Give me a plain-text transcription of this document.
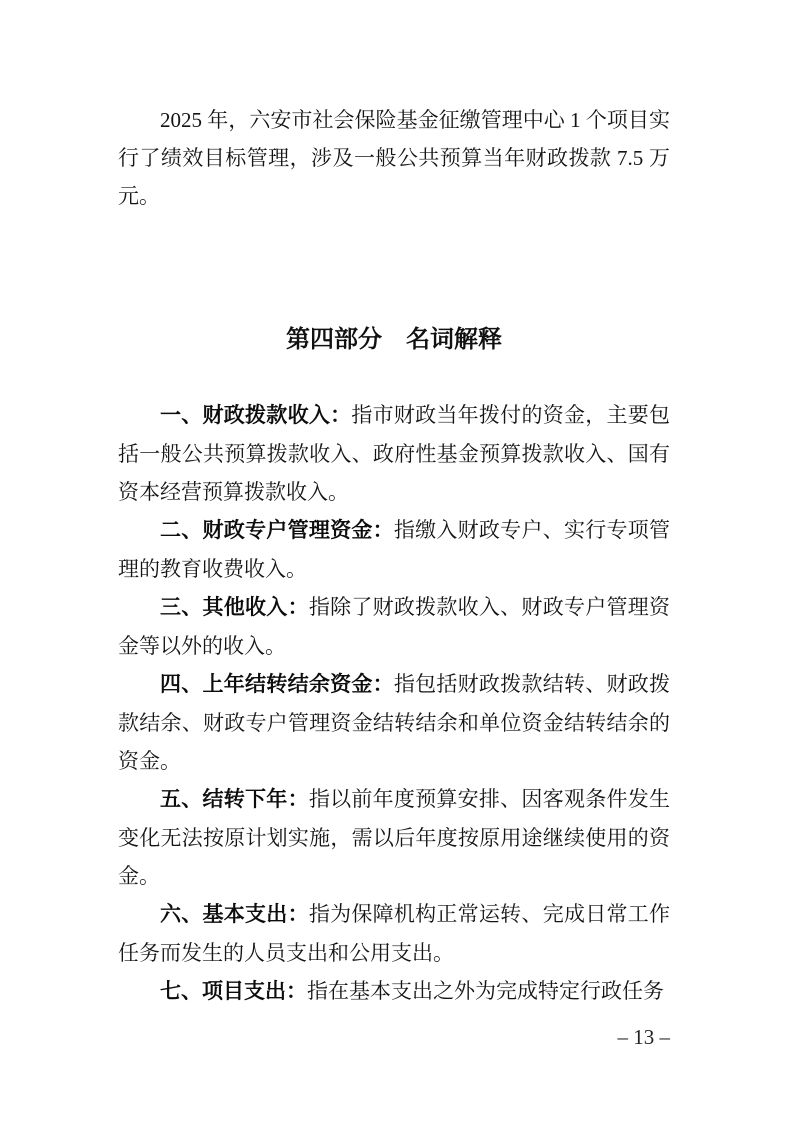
2025 年，六安市社会保险基金征缴管理中心 1 个项目实行了绩效目标管理，涉及一般公共预算当年财政拨款 7.5 万元。

第四部分　名词解释

一、财政拨款收入：指市财政当年拨付的资金，主要包括一般公共预算拨款收入、政府性基金预算拨款收入、国有资本经营预算拨款收入。

二、财政专户管理资金：指缴入财政专户、实行专项管理的教育收费收入。

三、其他收入：指除了财政拨款收入、财政专户管理资金等以外的收入。

四、上年结转结余资金：指包括财政拨款结转、财政拨款结余、财政专户管理资金结转结余和单位资金结转结余的资金。

五、结转下年：指以前年度预算安排、因客观条件发生变化无法按原计划实施，需以后年度按原用途继续使用的资金。

六、基本支出：指为保障机构正常运转、完成日常工作任务而发生的人员支出和公用支出。

七、项目支出：指在基本支出之外为完成特定行政任务

– 13 –
